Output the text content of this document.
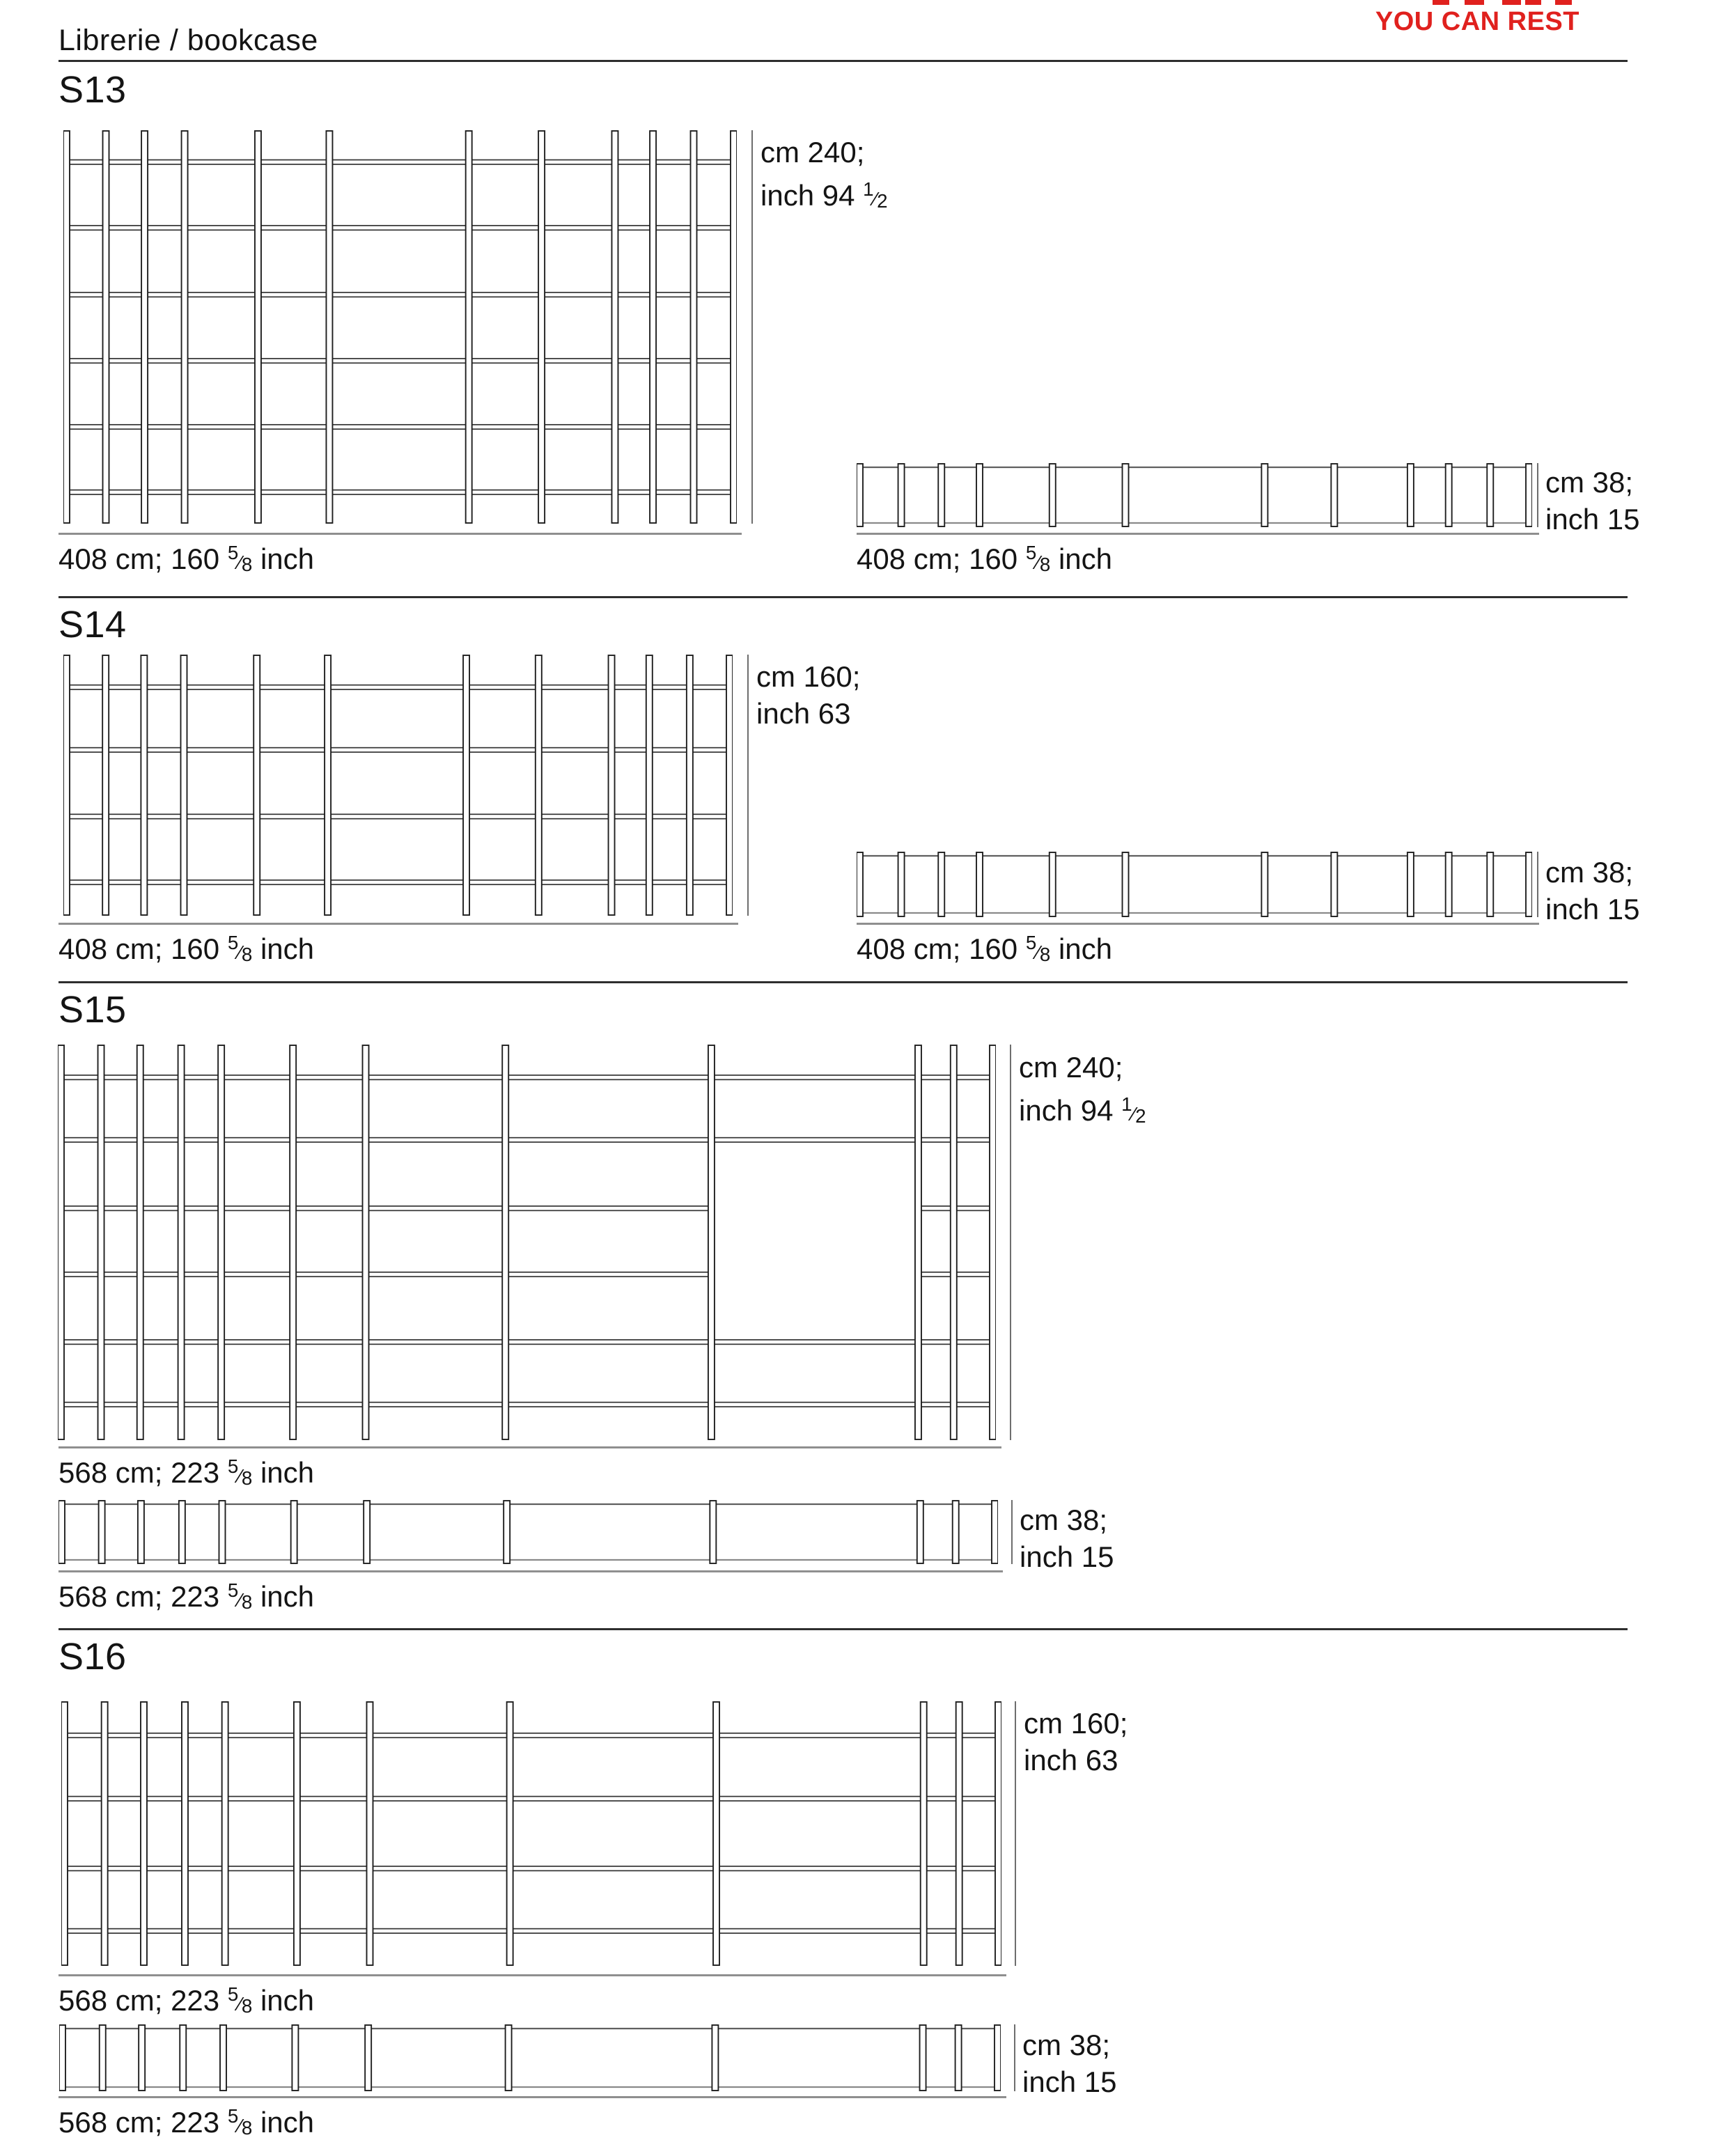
YOU CAN REST
Librerie / bookcase
S13
cm 240;
inch 94 $^1⁄_2$
408 cm; 160 $^5⁄_8$ inch
cm 38;
inch 15
408 cm; 160 $^5⁄_8$ inch
S14
cm 160;
inch 63
408 cm; 160 $^5⁄_8$ inch
cm 38;
inch 15
408 cm; 160 $^5⁄_8$ inch
S15
cm 240;
inch 94 $^1⁄_2$
568 cm; 223 $^5⁄_8$ inch
cm 38;
inch 15
568 cm; 223 $^5⁄_8$ inch
S16
cm 160;
inch 63
568 cm; 223 $^5⁄_8$ inch
cm 38;
inch 15
568 cm; 223 $^5⁄_8$ inch
